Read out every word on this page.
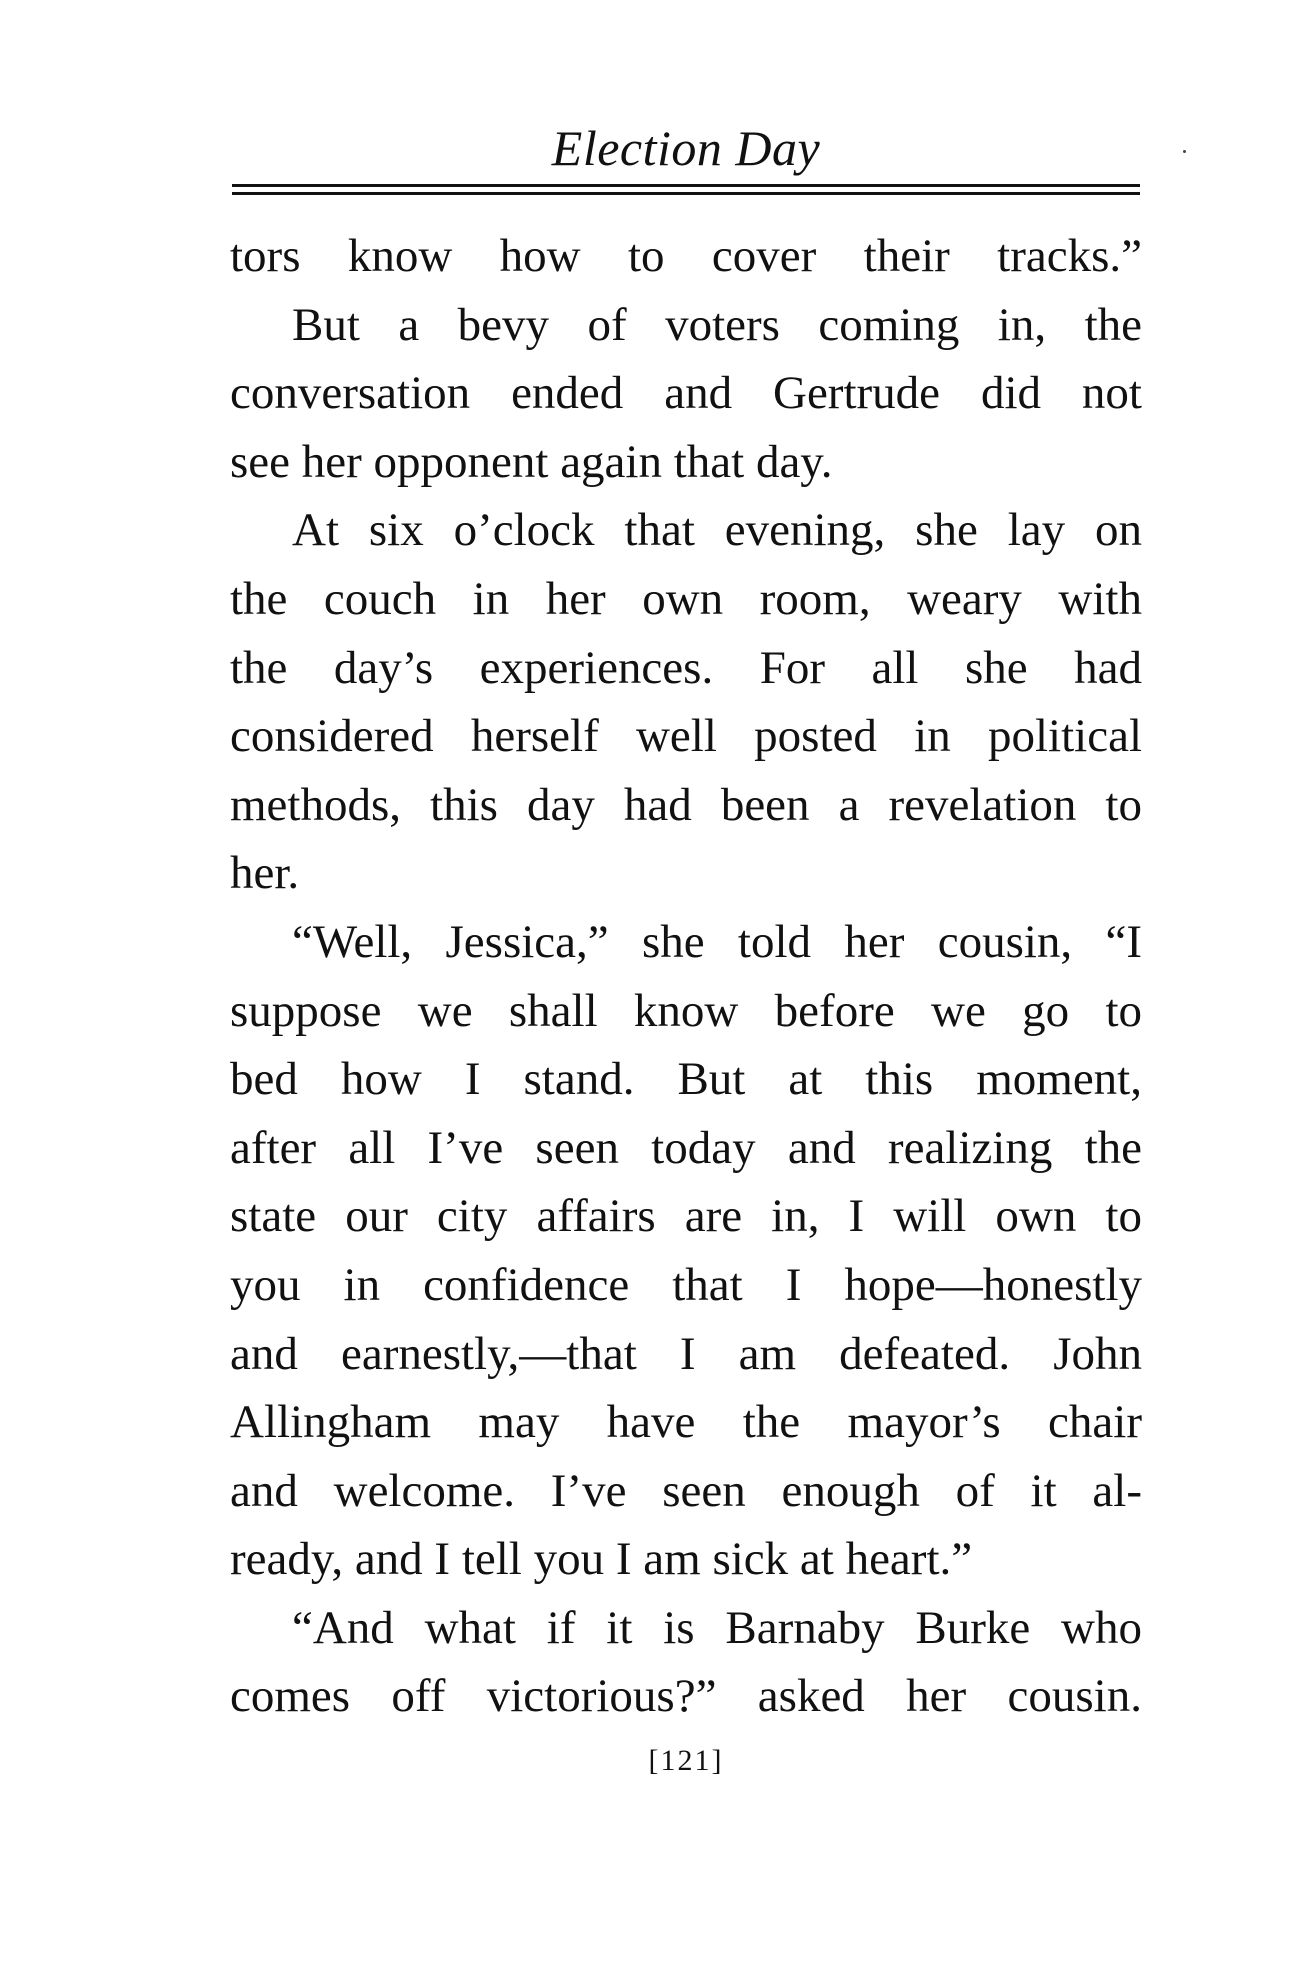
Election Day
tors know how to cover their tracks.”
But a bevy of voters coming in, the
conversation ended and Gertrude did not
see her opponent again that day.
At six o’clock that evening, she lay on
the couch in her own room, weary with
the day’s experiences. For all she had
considered herself well posted in political
methods, this day had been a revelation to
her.
“Well, Jessica,” she told her cousin, “I
suppose we shall know before we go to
bed how I stand. But at this moment,
after all I’ve seen today and realizing the
state our city affairs are in, I will own to
you in confidence that I hope—honestly
and earnestly,—that I am defeated. John
Allingham may have the mayor’s chair
and welcome. I’ve seen enough of it al-
ready, and I tell you I am sick at heart.”
“And what if it is Barnaby Burke who
comes off victorious?” asked her cousin.
[121]
